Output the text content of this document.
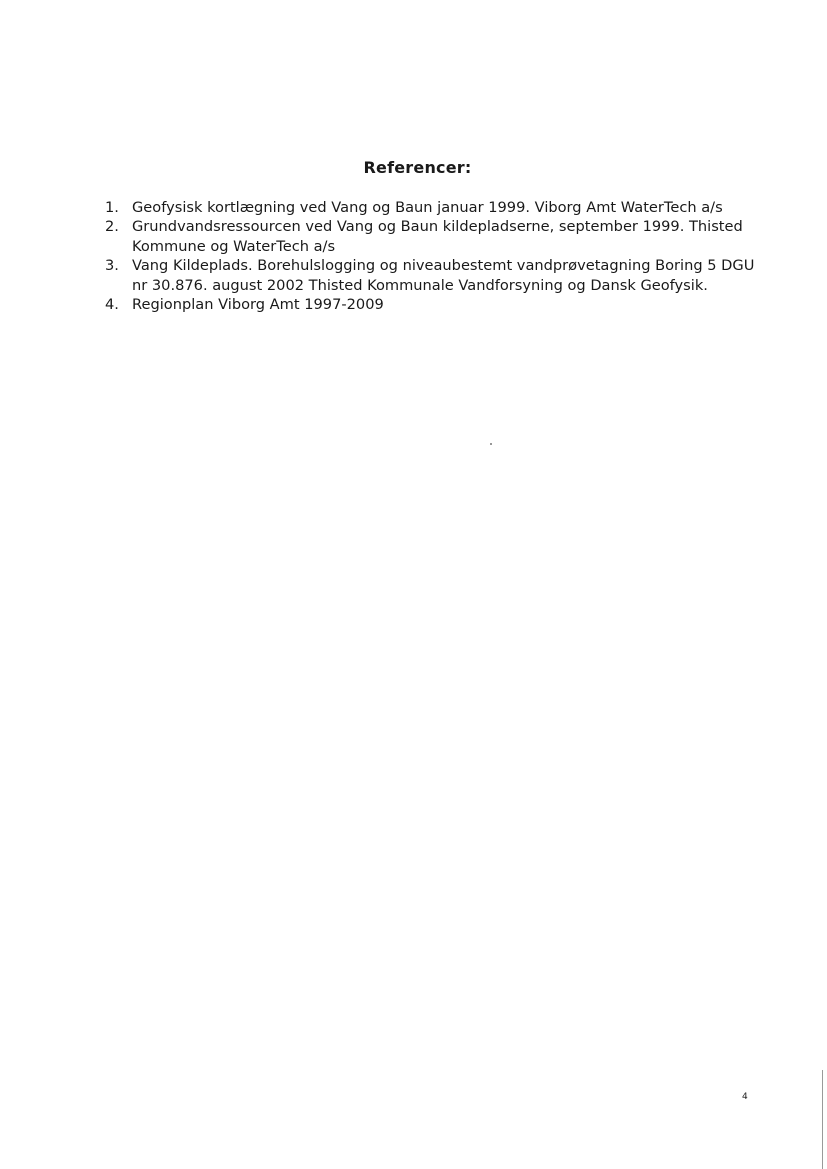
Referencer:
1. Geofysisk kortlægning ved Vang og Baun januar 1999. Viborg Amt WaterTech a/s
2. Grundvandsressourcen ved Vang og Baun kildepladserne, september 1999. Thisted Kommune og WaterTech a/s
3. Vang Kildeplads. Borehulslogging og niveaubestemt vandprøvetagning Boring 5 DGU nr 30.876. august 2002 Thisted Kommunale Vandforsyning og Dansk Geofysik.
4. Regionplan Viborg Amt 1997-2009
4
